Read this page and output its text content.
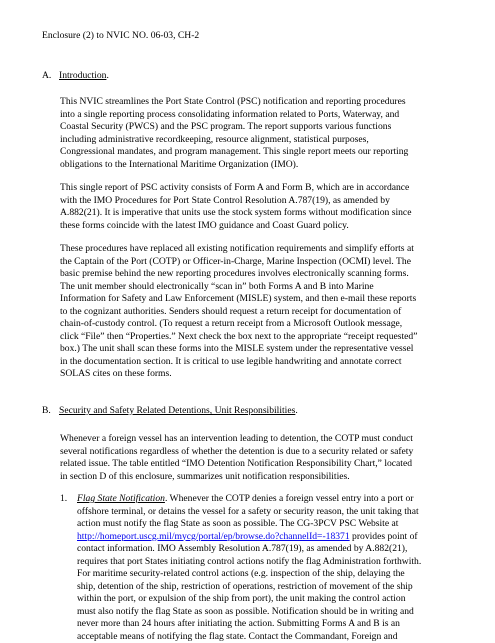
Enclosure (2) to NVIC NO. 06-03, CH-2
A. Introduction.
This NVIC streamlines the Port State Control (PSC) notification and reporting procedures
into a single reporting process consolidating information related to Ports, Waterway, and
Coastal Security (PWCS) and the PSC program. The report supports various functions
including administrative recordkeeping, resource alignment, statistical purposes,
Congressional mandates, and program management. This single report meets our reporting
obligations to the International Maritime Organization (IMO).
This single report of PSC activity consists of Form A and Form B, which are in accordance
with the IMO Procedures for Port State Control Resolution A.787(19), as amended by
A.882(21). It is imperative that units use the stock system forms without modification since
these forms coincide with the latest IMO guidance and Coast Guard policy.
These procedures have replaced all existing notification requirements and simplify efforts at
the Captain of the Port (COTP) or Officer-in-Charge, Marine Inspection (OCMI) level. The
basic premise behind the new reporting procedures involves electronically scanning forms.
The unit member should electronically “scan in” both Forms A and B into Marine
Information for Safety and Law Enforcement (MISLE) system, and then e-mail these reports
to the cognizant authorities. Senders should request a return receipt for documentation of
chain-of-custody control. (To request a return receipt from a Microsoft Outlook message,
click “File” then “Properties.” Next check the box next to the appropriate “receipt requested”
box.) The unit shall scan these forms into the MISLE system under the representative vessel
in the documentation section. It is critical to use legible handwriting and annotate correct
SOLAS cites on these forms.
B. Security and Safety Related Detentions, Unit Responsibilities.
Whenever a foreign vessel has an intervention leading to detention, the COTP must conduct
several notifications regardless of whether the detention is due to a security related or safety
related issue. The table entitled “IMO Detention Notification Responsibility Chart,” located
in section D of this enclosure, summarizes unit notification responsibilities.
1. Flag State Notification. Whenever the COTP denies a foreign vessel entry into a port or
offshore terminal, or detains the vessel for a safety or security reason, the unit taking that
action must notify the flag State as soon as possible. The CG-3PCV PSC Website at
http://homeport.uscg.mil/mycg/portal/ep/browse.do?channelId=-18371 provides point of
contact information. IMO Assembly Resolution A.787(19), as amended by A.882(21),
requires that port States initiating control actions notify the flag Administration forthwith.
For maritime security-related control actions (e.g. inspection of the ship, delaying the
ship, detention of the ship, restriction of operations, restriction of movement of the ship
within the port, or expulsion of the ship from port), the unit making the control action
must also notify the flag State as soon as possible. Notification should be in writing and
never more than 24 hours after initiating the action. Submitting Forms A and B is an
acceptable means of notifying the flag state. Contact the Commandant, Foreign and
